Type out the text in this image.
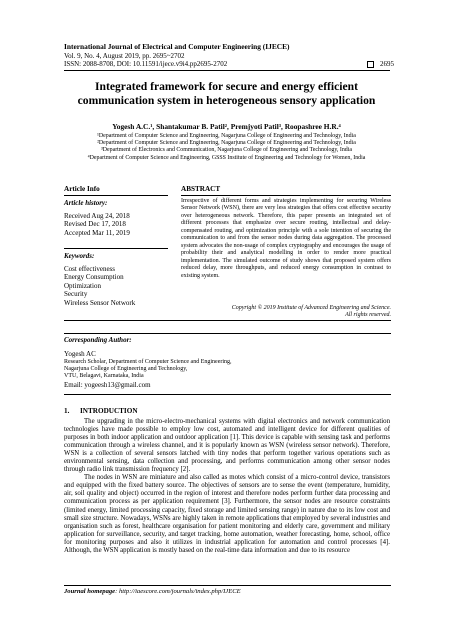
International Journal of Electrical and Computer Engineering (IJECE)
Vol. 9, No. 4, August 2019, pp. 2695~2702
ISSN: 2088-8708, DOI: 10.11591/ijece.v9i4.pp2695-2702	2695
Integrated framework for secure and energy efficient communication system in heterogeneous sensory application
Yogesh A.C.¹, Shantakumar B. Patil², Premjyoti Patil³, Roopashree H.R.⁴
¹Department of Computer Science and Engineering, Nagarjuna College of Engineering and Technology, India
²Department of Computer Science and Engineering, Nagarjuna College of Engineering and Technology, India
³Department of Electronics and Communication, Nagarjuna College of Engineering and Technology, India
⁴Department of Computer Science and Engineering, GSSS Institute of Engineering and Technology for Women, India
Article Info	ABSTRACT
Article history:
Received Aug 24, 2018
Revised Dec 17, 2018
Accepted Mar 11, 2019
Keywords:
Cost effectiveness
Energy Consumption
Optimization
Security
Wireless Sensor Network
Irrespective of different forms and strategies implementing for securing Wireless Sensor Network (WSN), there are very less strategies that offers cost effective security over heterogeneous network. Therefore, this paper presents an integrated set of different processes that emphasize over secure routing, intellectual and delay-compensated routing, and optimization principle with a sole intention of securing the communication to and from the sensor nodes during data aggregation. The processed system advocates the non-usage of complex cryptography and encourages the usage of probability their and analytical modelling in order to render more practical implementation. The simulated outcome of study shows that proposed system offers reduced delay, more throughputs, and reduced energy consumption in contrast to existing system.
Copyright © 2019 Institute of Advanced Engineering and Science.
All rights reserved.
Corresponding Author:
Yogesh AC
Research Scholar, Department of Computer Science and Engineering,
Nagarjuna College of Engineering and Technology,
VTU, Belagavi, Karnataka, India
Email: yogeesh13@gmail.com
1. INTRODUCTION

The upgrading in the micro-electro-mechanical systems with digital electronics and network communication technologies have made possible to employ low cost, automated and intelligent device for different qualities of purposes in both indoor application and outdoor application [1]. This device is capable with sensing task and performs communication through a wireless channel, and it is popularly known as WSN (wireless sensor network). Therefore, WSN is a collection of several sensors latched with tiny nodes that perform together various operations such as environmental sensing, data collection and processing, and performs communication among other sensor nodes through radio link transmission frequency [2].

The nodes in WSN are miniature and also called as motes which consist of a micro-control device, transistors and equipped with the fixed battery source. The objectives of sensors are to sense the event (temperature, humidity, air, soil quality and object) occurred in the region of interest and therefore nodes perform further data processing and communication process as per application requirement [3]. Furthermore, the sensor nodes are resource constraints (limited energy, limited processing capacity, fixed storage and limited sensing range) in nature due to its low cost and small size structure. Nowadays, WSNs are highly taken in remote applications that employed by several industries and organisation such as forest, healthcare organisation for patient monitoring and elderly care, government and military application for surveillance, security, and target tracking, home automation, weather forecasting, home, school, office for monitoring purposes and also it utilizes in industrial application for automation and control processes [4]. Although, the WSN application is mostly based on the real-time data information and due to its resource

Journal homepage: http://iaescore.com/journals/index.php/IJECE
